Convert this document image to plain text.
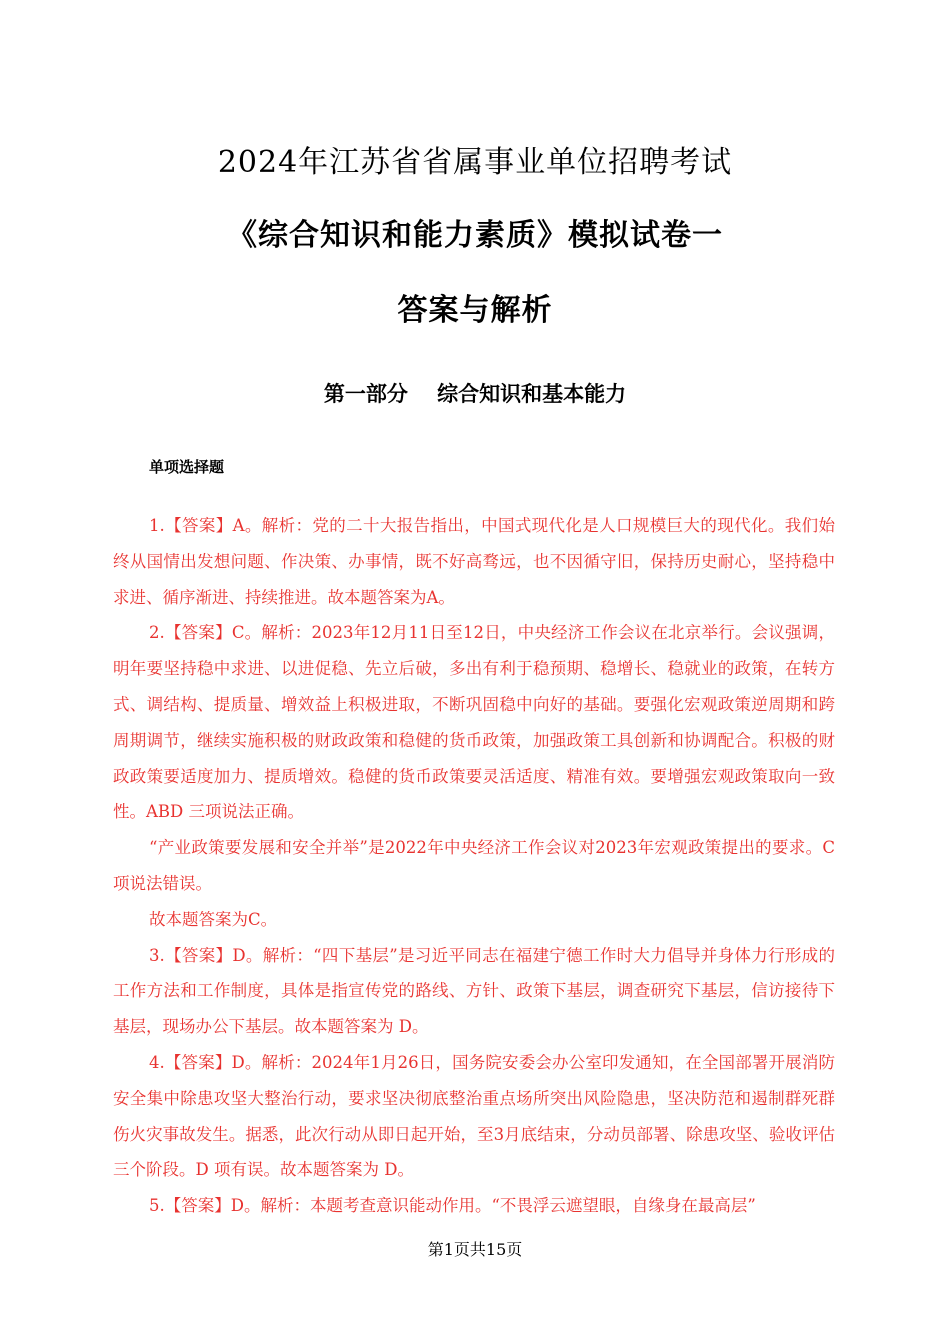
2024年江苏省省属事业单位招聘考试
《综合知识和能力素质》模拟试卷一
答案与解析
第一部分    综合知识和基本能力
单项选择题

1.【答案】A。解析：党的二十大报告指出，中国式现代化是人口规模巨大的现代化。我们始终从国情出发想问题、作决策、办事情，既不好高骛远，也不因循守旧，保持历史耐心，坚持稳中求进、循序渐进、持续推进。故本题答案为A。

2.【答案】C。解析：2023年12月11日至12日，中央经济工作会议在北京举行。会议强调，明年要坚持稳中求进、以进促稳、先立后破，多出有利于稳预期、稳增长、稳就业的政策，在转方式、调结构、提质量、增效益上积极进取，不断巩固稳中向好的基础。要强化宏观政策逆周期和跨周期调节，继续实施积极的财政政策和稳健的货币政策，加强政策工具创新和协调配合。积极的财政政策要适度加力、提质增效。稳健的货币政策要灵活适度、精准有效。要增强宏观政策取向一致性。ABD 三项说法正确。

“产业政策要发展和安全并举”是2022年中央经济工作会议对2023年宏观政策提出的要求。C 项说法错误。

故本题答案为C。

3.【答案】D。解析：“四下基层”是习近平同志在福建宁德工作时大力倡导并身体力行形成的工作方法和工作制度，具体是指宣传党的路线、方针、政策下基层，调查研究下基层，信访接待下基层，现场办公下基层。故本题答案为 D。

4.【答案】D。解析：2024年1月26日，国务院安委会办公室印发通知，在全国部署开展消防安全集中除患攻坚大整治行动，要求坚决彻底整治重点场所突出风险隐患，坚决防范和遏制群死群伤火灾事故发生。据悉，此次行动从即日起开始，至3月底结束，分动员部署、除患攻坚、验收评估三个阶段。D 项有误。故本题答案为 D。

5.【答案】D。解析：本题考查意识能动作用。“不畏浮云遮望眼，自缘身在最高层”

第1页共15页
